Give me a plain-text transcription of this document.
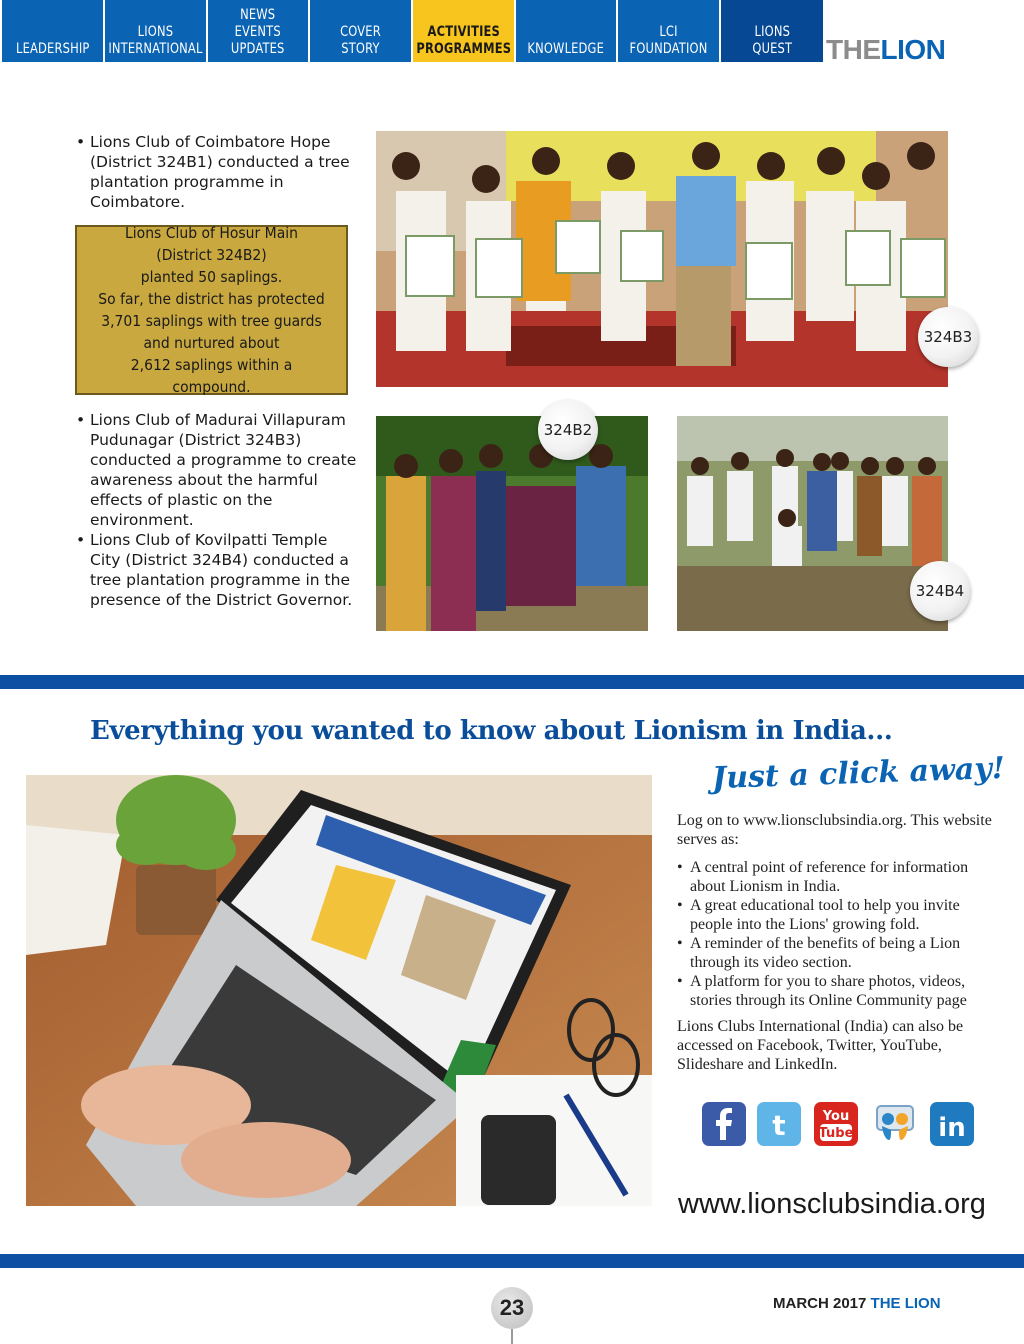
LEADERSHIP
LIONS
INTERNATIONAL
NEWS
EVENTS
UPDATES
COVER STORY
ACTIVITIES
PROGRAMMES KNOWLEDGE
LCI
FOUNDATION
LIONS
QUEST THELION
• Lions Club of Coimbatore Hope (District 324B1) conducted a tree plantation programme in Coimbatore.
Lions Club of Hosur Main
(District 324B2)
planted 50 saplings.
So far, the district has protected
3,701 saplings with tree guards
and nurtured about
2,612 saplings within a compound.
• Lions Club of Madurai Villapuram Pudunagar (District 324B3) conducted a programme to create awareness about the harmful effects of plastic on the environment.
• Lions Club of Kovilpatti Temple City (District 324B4) conducted a tree plantation programme in the presence of the District Governor.
324B3
324B2
324B4
Everything you wanted to know about Lionism in India...
Just a click away!
Log on to www.lionsclubsindia.org. This website serves as:
• A central point of reference for information about Lionism in India.
• A great educational tool to help you invite people into the Lions' growing fold.
• A reminder of the benefits of being a Lion through its video section.
• A platform for you to share photos, videos, stories through its Online Community page
Lions Clubs International (India) can also be accessed on Facebook, Twitter, YouTube, Slideshare and LinkedIn.
t	You
Tube	in
www.lionsclubsindia.org
23	MARCH 2017 THE LION
